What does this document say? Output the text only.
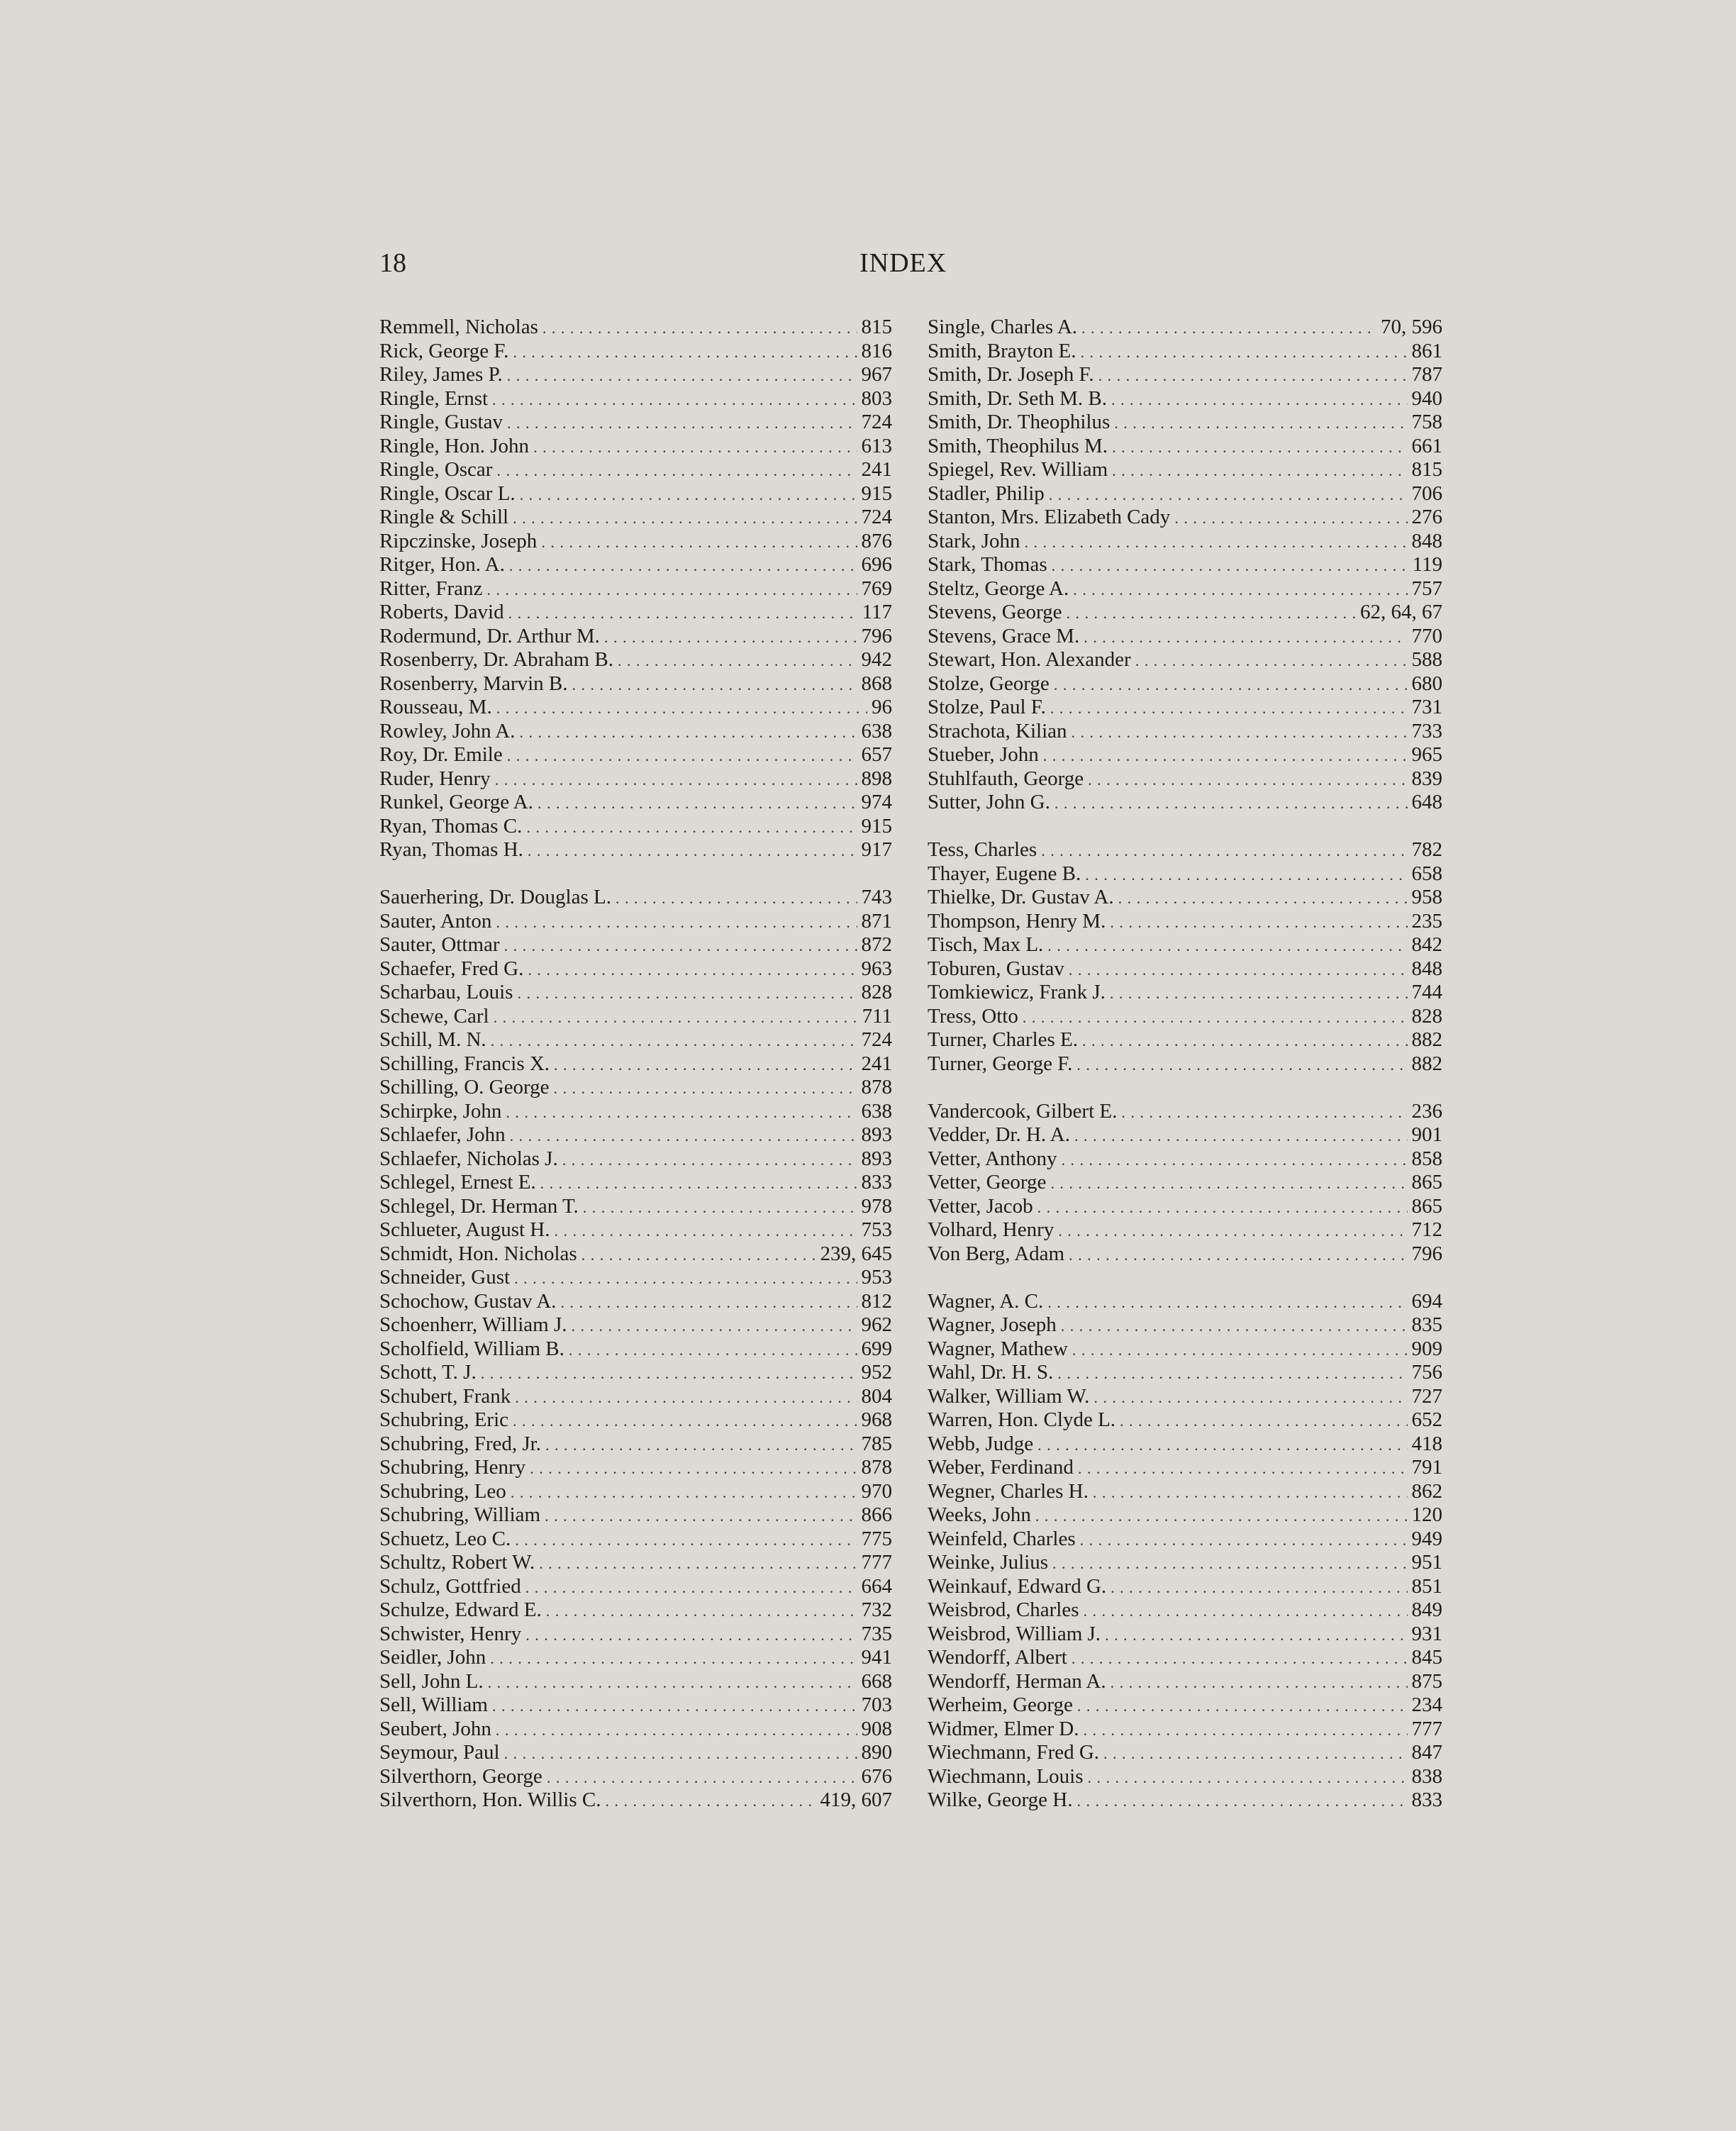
18	INDEX
Remmell, Nicholas . . .	815
Rick, George F. . . .	816
Riley, James P. . . .	967
Ringle, Ernst . . .	803
Ringle, Gustav . . .	724
Ringle, Hon. John . . .	613
Ringle, Oscar . . .	241
Ringle, Oscar L. . . .	915
Ringle & Schill . . .	724
Ripczinske, Joseph . . .	876
Ritger, Hon. A. . . .	696
Ritter, Franz . . .	769
Roberts, David . . .	117
Rodermund, Dr. Arthur M. . . .	796
Rosenberry, Dr. Abraham B. . . .	942
Rosenberry, Marvin B. . . .	868
Rousseau, M. . . .	96
Rowley, John A. . . .	638
Roy, Dr. Emile . . .	657
Ruder, Henry . . .	898
Runkel, George A. . . .	974
Ryan, Thomas C. . . .	915
Ryan, Thomas H. . . .	917
Sauerhering, Dr. Douglas L. . . .	743
Sauter, Anton . . .	871
Sauter, Ottmar . . .	872
Schaefer, Fred G. . . .	963
Scharbau, Louis . . .	828
Schewe, Carl . . .	711
Schill, M. N. . . .	724
Schilling, Francis X. . . .	241
Schilling, O. George . . .	878
Schirpke, John . . .	638
Schlaefer, John . . .	893
Schlaefer, Nicholas J. . . .	893
Schlegel, Ernest E. . . .	833
Schlegel, Dr. Herman T. . . .	978
Schlueter, August H. . . .	753
Schmidt, Hon. Nicholas . . .	239, 645
Schneider, Gust . . .	953
Schochow, Gustav A. . . .	812
Schoenherr, William J. . . .	962
Scholfield, William B. . . .	699
Schott, T. J. . . .	952
Schubert, Frank . . .	804
Schubring, Eric . . .	968
Schubring, Fred, Jr. . . .	785
Schubring, Henry . . .	878
Schubring, Leo . . .	970
Schubring, William . . .	866
Schuetz, Leo C. . . .	775
Schultz, Robert W. . . .	777
Schulz, Gottfried . . .	664
Schulze, Edward E. . . .	732
Schwister, Henry . . .	735
Seidler, John . . .	941
Sell, John L. . . .	668
Sell, William . . .	703
Seubert, John . . .	908
Seymour, Paul . . .	890
Silverthorn, George . . .	676
Silverthorn, Hon. Willis C. . . .	419, 607
Single, Charles A. . . .	70, 596
Smith, Brayton E. . . .	861
Smith, Dr. Joseph F. . . .	787
Smith, Dr. Seth M. B. . . .	940
Smith, Dr. Theophilus . . .	758
Smith, Theophilus M. . . .	661
Spiegel, Rev. William . . .	815
Stadler, Philip . . .	706
Stanton, Mrs. Elizabeth Cady . . .	276
Stark, John . . .	848
Stark, Thomas . . .	119
Steltz, George A. . . .	757
Stevens, George . . .	62, 64, 67
Stevens, Grace M. . . .	770
Stewart, Hon. Alexander . . .	588
Stolze, George . . .	680
Stolze, Paul F. . . .	731
Strachota, Kilian . . .	733
Stueber, John . . .	965
Stuhlfauth, George . . .	839
Sutter, John G. . . .	648
Tess, Charles . . .	782
Thayer, Eugene B. . . .	658
Thielke, Dr. Gustav A. . . .	958
Thompson, Henry M. . . .	235
Tisch, Max L. . . .	842
Toburen, Gustav . . .	848
Tomkiewicz, Frank J. . . .	744
Tress, Otto . . .	828
Turner, Charles E. . . .	882
Turner, George F. . . .	882
Vandercook, Gilbert E. . . .	236
Vedder, Dr. H. A. . . .	901
Vetter, Anthony . . .	858
Vetter, George . . .	865
Vetter, Jacob . . .	865
Volhard, Henry . . .	712
Von Berg, Adam . . .	796
Wagner, A. C. . . .	694
Wagner, Joseph . . .	835
Wagner, Mathew . . .	909
Wahl, Dr. H. S. . . .	756
Walker, William W. . . .	727
Warren, Hon. Clyde L. . . .	652
Webb, Judge . . .	418
Weber, Ferdinand . . .	791
Wegner, Charles H. . . .	862
Weeks, John . . .	120
Weinfeld, Charles . . .	949
Weinke, Julius . . .	951
Weinkauf, Edward G. . . .	851
Weisbrod, Charles . . .	849
Weisbrod, William J. . . .	931
Wendorff, Albert . . .	845
Wendorff, Herman A. . . .	875
Werheim, George . . .	234
Widmer, Elmer D. . . .	777
Wiechmann, Fred G. . . .	847
Wiechmann, Louis . . .	838
Wilke, George H. . . .	833
